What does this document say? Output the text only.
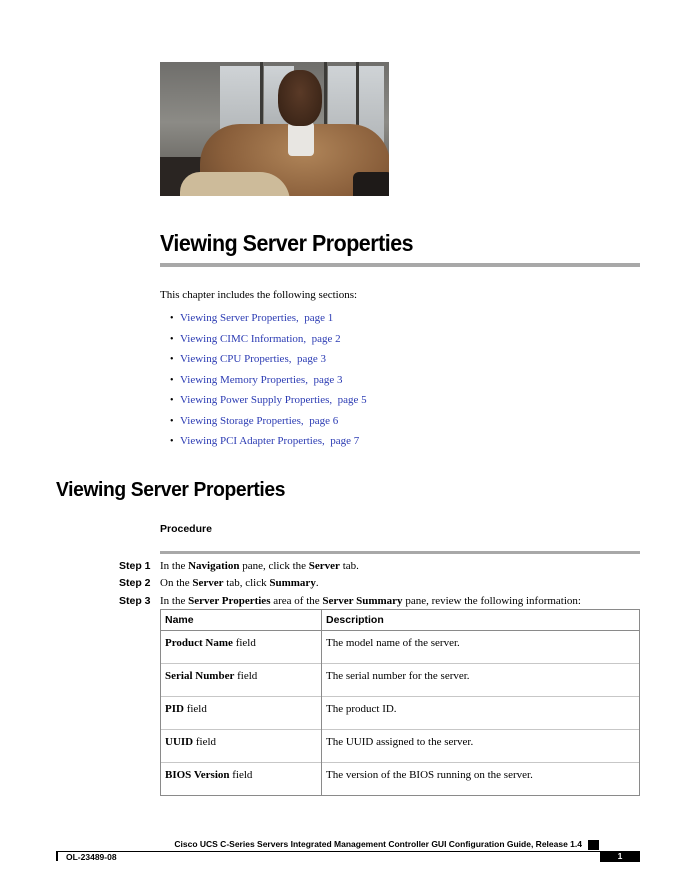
Viewing Server Properties
This chapter includes the following sections:
• Viewing Server Properties, page 1
• Viewing CIMC Information, page 2
• Viewing CPU Properties, page 3
• Viewing Memory Properties, page 3
• Viewing Power Supply Properties, page 5
• Viewing Storage Properties, page 6
• Viewing PCI Adapter Properties, page 7
Viewing Server Properties
Procedure
Step 1 In the Navigation pane, click the Server tab.
Step 2 On the Server tab, click Summary.
Step 3 In the Server Properties area of the Server Summary pane, review the following information:
Name	Description
Product Name field	The model name of the server.
Serial Number field	The serial number for the server.
PID field	The product ID.
UUID field	The UUID assigned to the server.
BIOS Version field	The version of the BIOS running on the server.
Cisco UCS C-Series Servers Integrated Management Controller GUI Configuration Guide, Release 1.4
OL-23489-08	1
